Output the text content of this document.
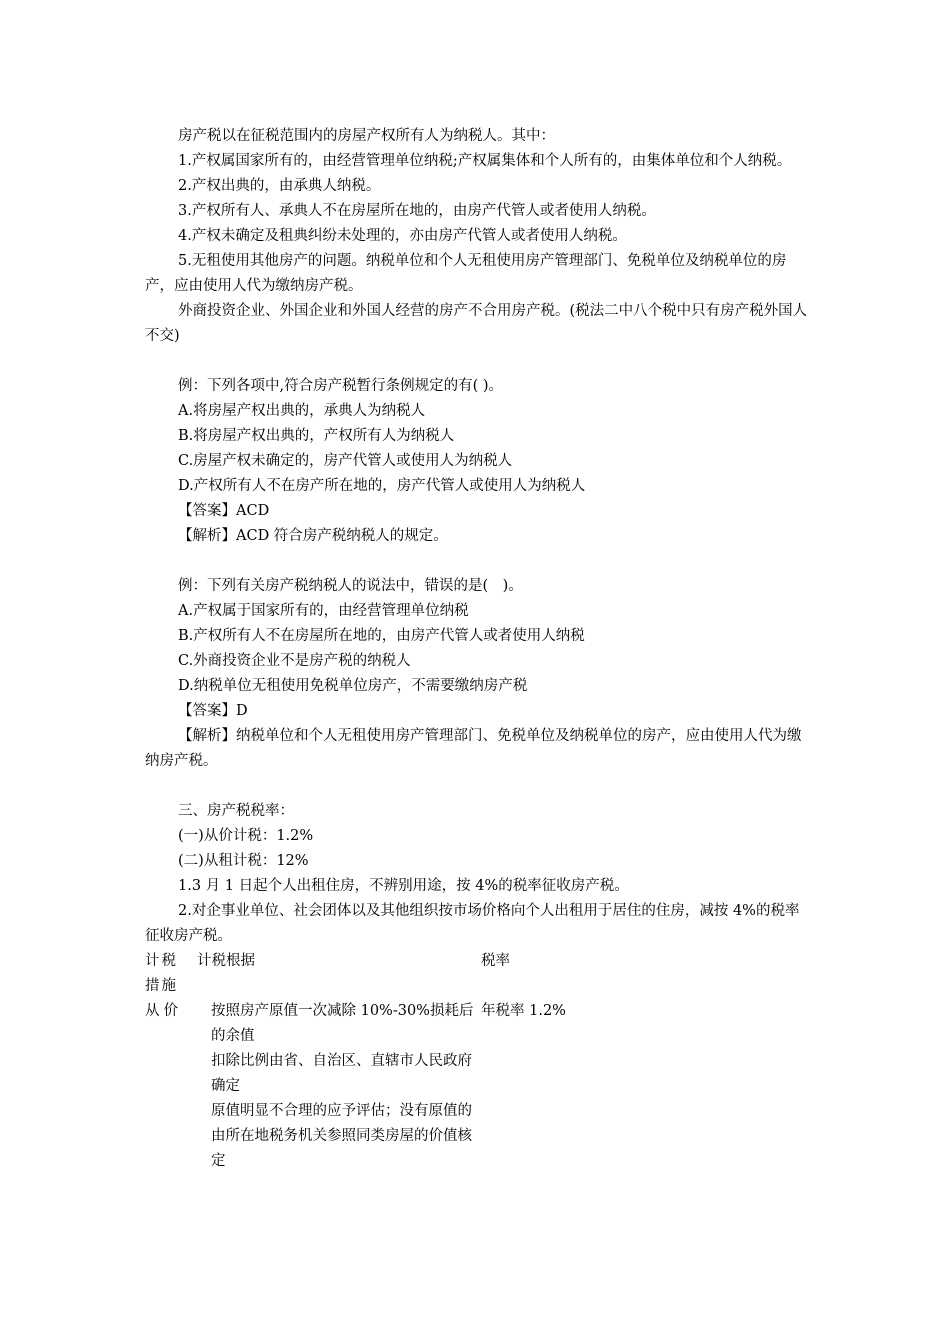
房产税以在征税范围内的房屋产权所有人为纳税人。其中：

1.产权属国家所有的，由经营管理单位纳税;产权属集体和个人所有的，由集体单位和个人纳税。

2.产权出典的，由承典人纳税。

3.产权所有人、承典人不在房屋所在地的，由房产代管人或者使用人纳税。

4.产权未确定及租典纠纷未处理的，亦由房产代管人或者使用人纳税。

5.无租使用其他房产的问题。纳税单位和个人无租使用房产管理部门、免税单位及纳税单位的房产，应由使用人代为缴纳房产税。

外商投资企业、外国企业和外国人经营的房产不合用房产税。(税法二中八个税中只有房产税外国人不交)

例：下列各项中,符合房产税暂行条例规定的有( )。

A.将房屋产权出典的，承典人为纳税人

B.将房屋产权出典的，产权所有人为纳税人

C.房屋产权未确定的，房产代管人或使用人为纳税人

D.产权所有人不在房产所在地的，房产代管人或使用人为纳税人

【答案】ACD

【解析】ACD 符合房产税纳税人的规定。

例：下列有关房产税纳税人的说法中，错误的是(　)。

A.产权属于国家所有的，由经营管理单位纳税

B.产权所有人不在房屋所在地的，由房产代管人或者使用人纳税

C.外商投资企业不是房产税的纳税人

D.纳税单位无租使用免税单位房产，不需要缴纳房产税

【答案】D

【解析】纳税单位和个人无租使用房产管理部门、免税单位及纳税单位的房产，应由使用人代为缴纳房产税。

三、房产税税率：

(一)从价计税：1.2%

(二)从租计税：12%

1.3 月 1 日起个人出租住房，不辨别用途，按 4%的税率征收房产税。

2.对企事业单位、社会团体以及其他组织按市场价格向个人出租用于居住的住房，减按 4%的税率征收房产税。

计税措施
计税根据	税率
从价	按照房产原值一次减除 10%-30%损耗后的余值
年税率 1.2%
扣除比例由省、自治区、直辖市人民政府确定
原值明显不合理的应予评估；没有原值的由所在地税务机关参照同类房屋的价值核定
